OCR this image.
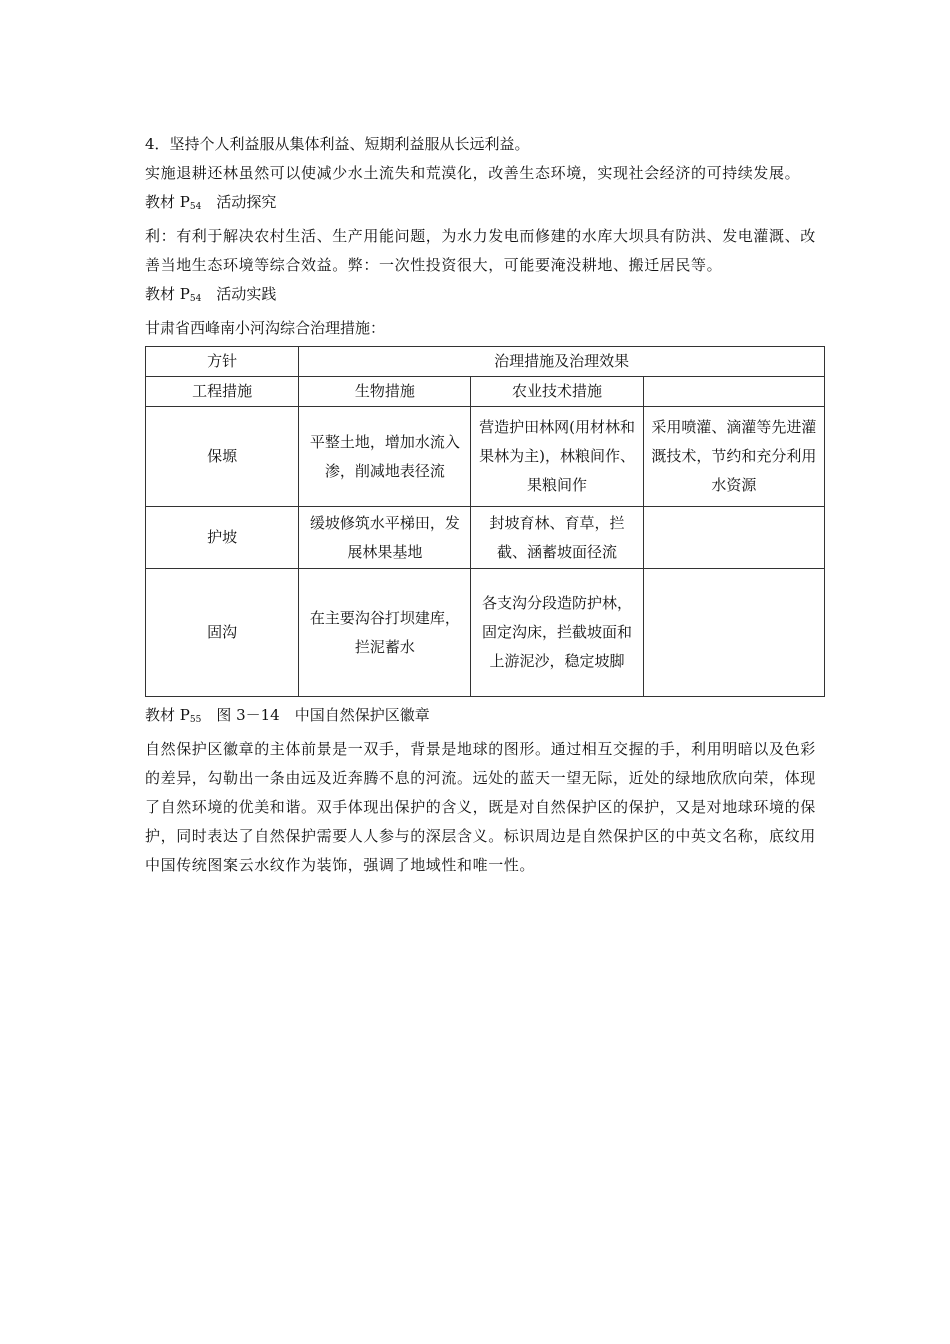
4．坚持个人利益服从集体利益、短期利益服从长远利益。

实施退耕还林虽然可以使减少水土流失和荒漠化，改善生态环境，实现社会经济的可持续发展。

教材 $P_{54}$　活动探究

利：有利于解决农村生活、生产用能问题，为水力发电而修建的水库大坝具有防洪、发电灌溉、改善当地生态环境等综合效益。弊：一次性投资很大，可能要淹没耕地、搬迁居民等。

教材 $P_{54}$　活动实践

甘肃省西峰南小河沟综合治理措施：

方针	治理措施及治理效果		
工程措施	生物措施	农业技术措施	
保塬	平整土地，增加水流入渗，削减地表径流	营造护田林网(用材林和果林为主)，林粮间作、果粮间作	采用喷灌、滴灌等先进灌溉技术，节约和充分利用水资源
护坡	缓坡修筑水平梯田，发展林果基地	封坡育林、育草，拦截、涵蓄坡面径流	
固沟	在主要沟谷打坝建库，拦泥蓄水	各支沟分段造防护林，固定沟床，拦截坡面和上游泥沙，稳定坡脚	

教材 $P_{55}$　图 3－14　中国自然保护区徽章

自然保护区徽章的主体前景是一双手，背景是地球的图形。通过相互交握的手，利用明暗以及色彩的差异，勾勒出一条由远及近奔腾不息的河流。远处的蓝天一望无际，近处的绿地欣欣向荣，体现了自然环境的优美和谐。双手体现出保护的含义，既是对自然保护区的保护，又是对地球环境的保护，同时表达了自然保护需要人人参与的深层含义。标识周边是自然保护区的中英文名称，底纹用中国传统图案云水纹作为装饰，强调了地域性和唯一性。
